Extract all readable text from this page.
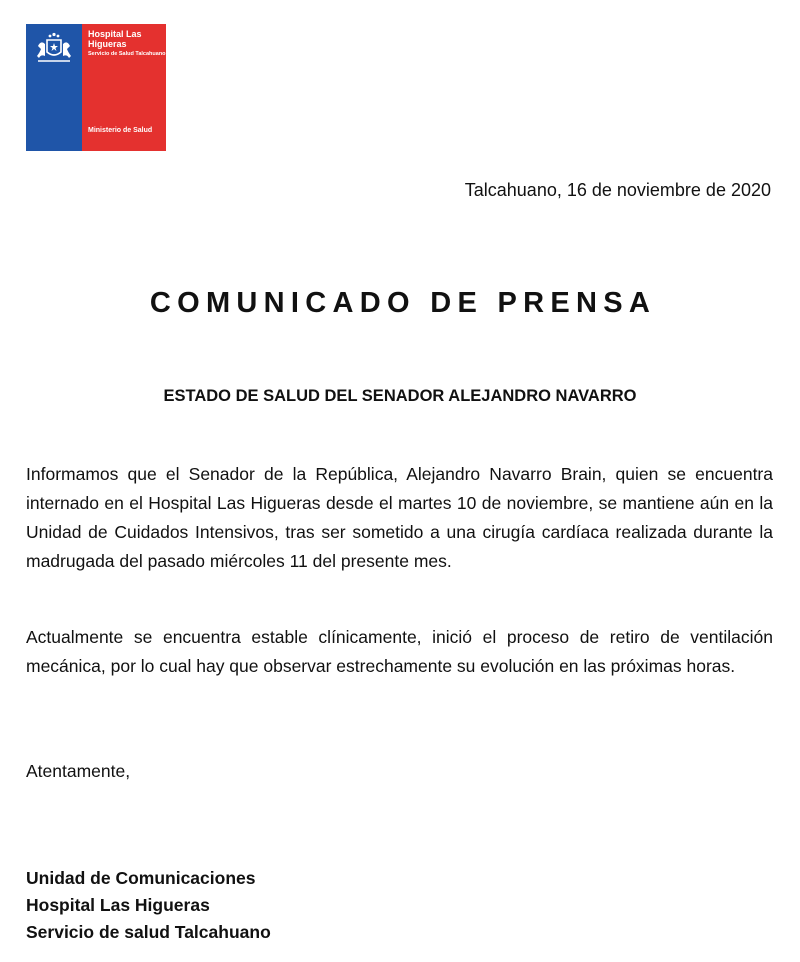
Hospital Las Higueras
Servicio de Salud Talcahuano
Ministerio de Salud
Talcahuano, 16 de noviembre de 2020
COMUNICADO DE PRENSA
ESTADO DE SALUD DEL SENADOR ALEJANDRO NAVARRO

Informamos que el Senador de la República, Alejandro Navarro Brain, quien se encuentra internado en el Hospital Las Higueras desde el martes 10 de noviembre, se mantiene aún en la Unidad de Cuidados Intensivos, tras ser sometido a una cirugía cardíaca realizada durante la madrugada del pasado miércoles 11 del presente mes.

Actualmente se encuentra estable clínicamente, inició el proceso de retiro de ventilación mecánica, por lo cual hay que observar estrechamente su evolución en las próximas horas.

Atentamente,
Unidad de Comunicaciones
Hospital Las Higueras
Servicio de salud Talcahuano
